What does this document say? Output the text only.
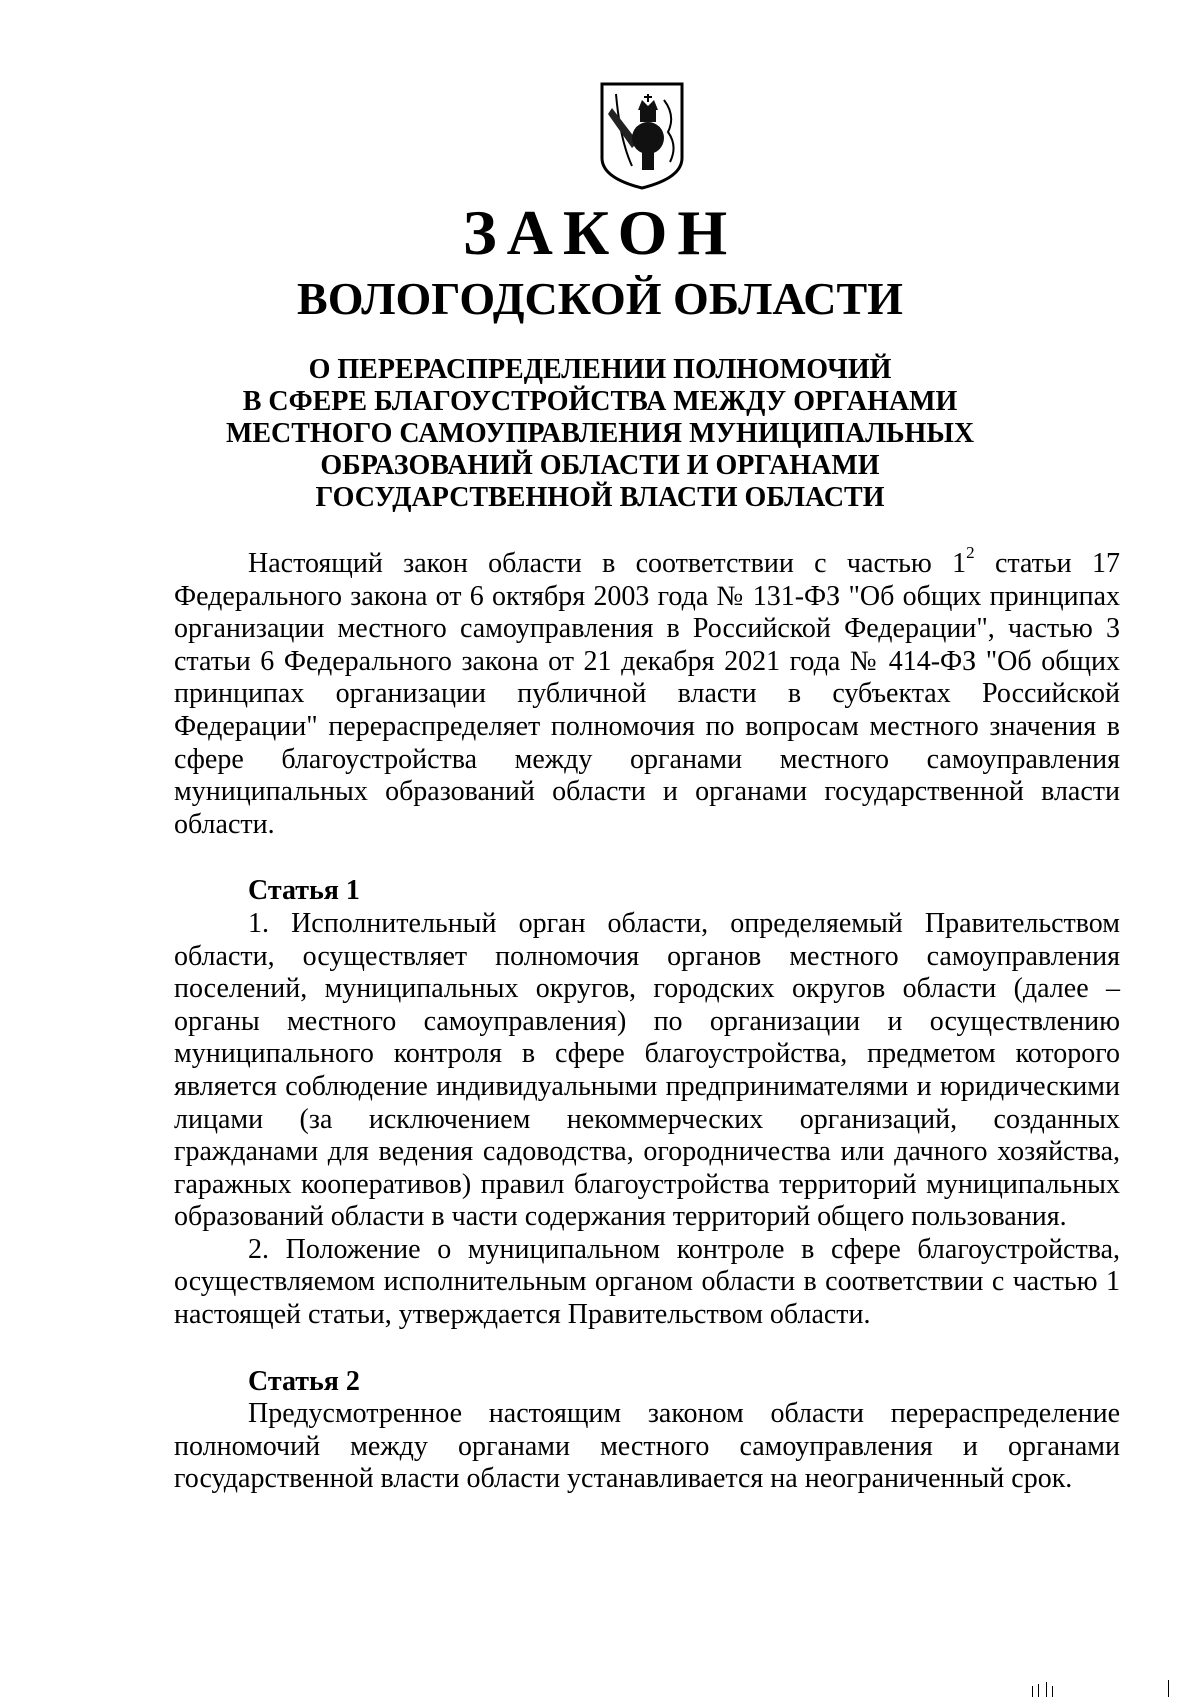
ЗАКОН
ВОЛОГОДСКОЙ ОБЛАСТИ
О ПЕРЕРАСПРЕДЕЛЕНИИ ПОЛНОМОЧИЙ
В СФЕРЕ БЛАГОУСТРОЙСТВА МЕЖДУ ОРГАНАМИ
МЕСТНОГО САМОУПРАВЛЕНИЯ МУНИЦИПАЛЬНЫХ
ОБРАЗОВАНИЙ ОБЛАСТИ И ОРГАНАМИ
ГОСУДАРСТВЕННОЙ ВЛАСТИ ОБЛАСТИ

Настоящий закон области в соответствии с частью $1^2$ статьи 17 Федерального закона от 6 октября 2003 года № 131-ФЗ "Об общих принципах организации местного самоуправления в Российской Федерации", частью 3 статьи 6 Федерального закона от 21 декабря 2021 года № 414-ФЗ "Об общих принципах организации публичной власти в субъектах Российской Федерации" перераспределяет полномочия по вопросам местного значения в сфере благоустройства между органами местного самоуправления муниципальных образований области и органами государственной власти области.

Статья 1

1. Исполнительный орган области, определяемый Правительством области, осуществляет полномочия органов местного самоуправления поселений, муниципальных округов, городских округов области (далее – органы местного самоуправления) по организации и осуществлению муниципального контроля в сфере благоустройства, предметом которого является соблюдение индивидуальными предпринимателями и юридическими лицами (за исключением некоммерческих организаций, созданных гражданами для ведения садоводства, огородничества или дачного хозяйства, гаражных кооперативов) правил благоустройства территорий муниципальных образований области в части содержания территорий общего пользования.

2. Положение о муниципальном контроле в сфере благоустройства, осуществляемом исполнительным органом области в соответствии с частью 1 настоящей статьи, утверждается Правительством области.

Статья 2

Предусмотренное настоящим законом области перераспределение полномочий между органами местного самоуправления и органами государственной власти области устанавливается на неограниченный срок.
